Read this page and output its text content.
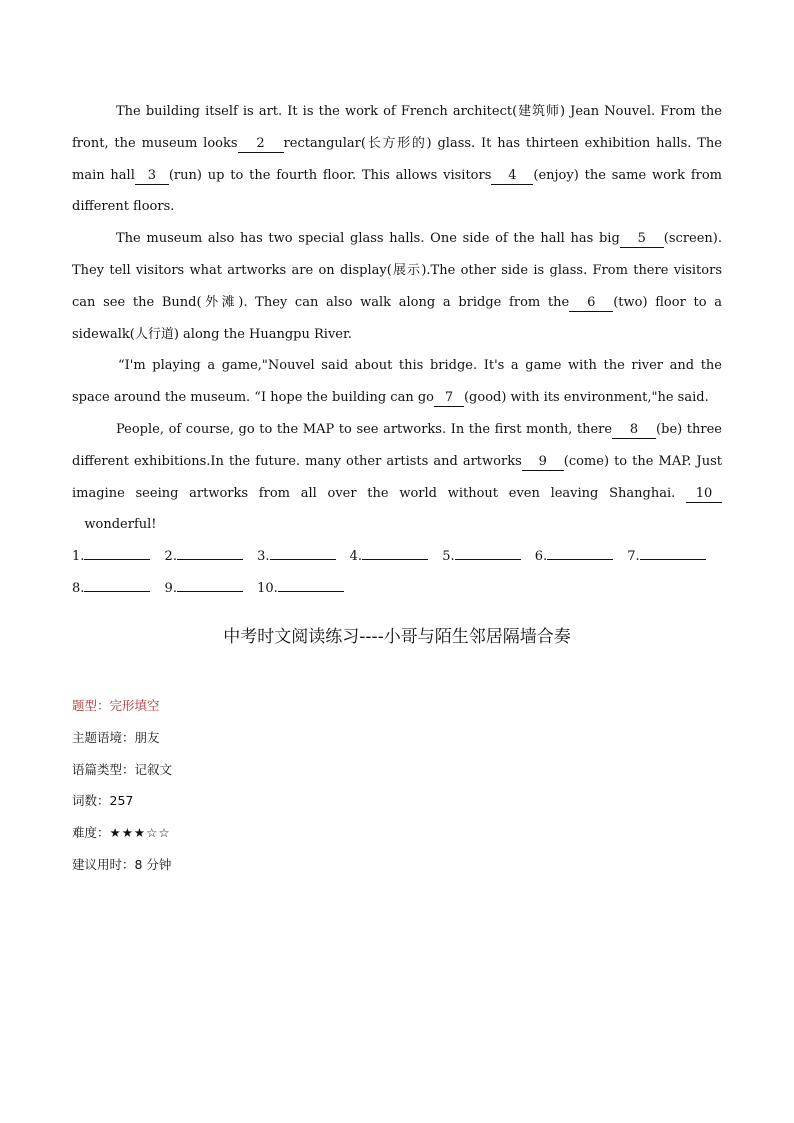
The building itself is art. It is the work of French architect(建筑师) Jean Nouvel. From the front, the museum looks 2 rectangular(长方形的) glass. It has thirteen exhibition halls. The main hall 3 (run) up to the fourth floor. This allows visitors 4 (enjoy) the same work from different floors.

The museum also has two special glass halls. One side of the hall has big 5 (screen). They tell visitors what artworks are on display(展示).The other side is glass. From there visitors can see the Bund(外滩). They can also walk along a bridge from the 6 (two) floor to a sidewalk(人行道) along the Huangpu River.

“I'm playing a game,"Nouvel said about this bridge. It's a game with the river and the space around the museum. “I hope the building can go 7 (good) with its environment,"he said.

People, of course, go to the MAP to see artworks. In the first month, there 8 (be) three different exhibitions.In the future. many other artists and artworks 9 (come) to the MAP. Just imagine seeing artworks from all over the world without even leaving Shanghai. 10   wonderful!

1.	2.	3.	4.	5.	6.	7. 8.	9.	10.

中考时文阅读练习----小哥与陌生邻居隔墙合奏
题型：完形填空
主题语境：朋友
语篇类型：记叙文
词数：257
难度：★★★☆☆
建议用时：8 分钟
